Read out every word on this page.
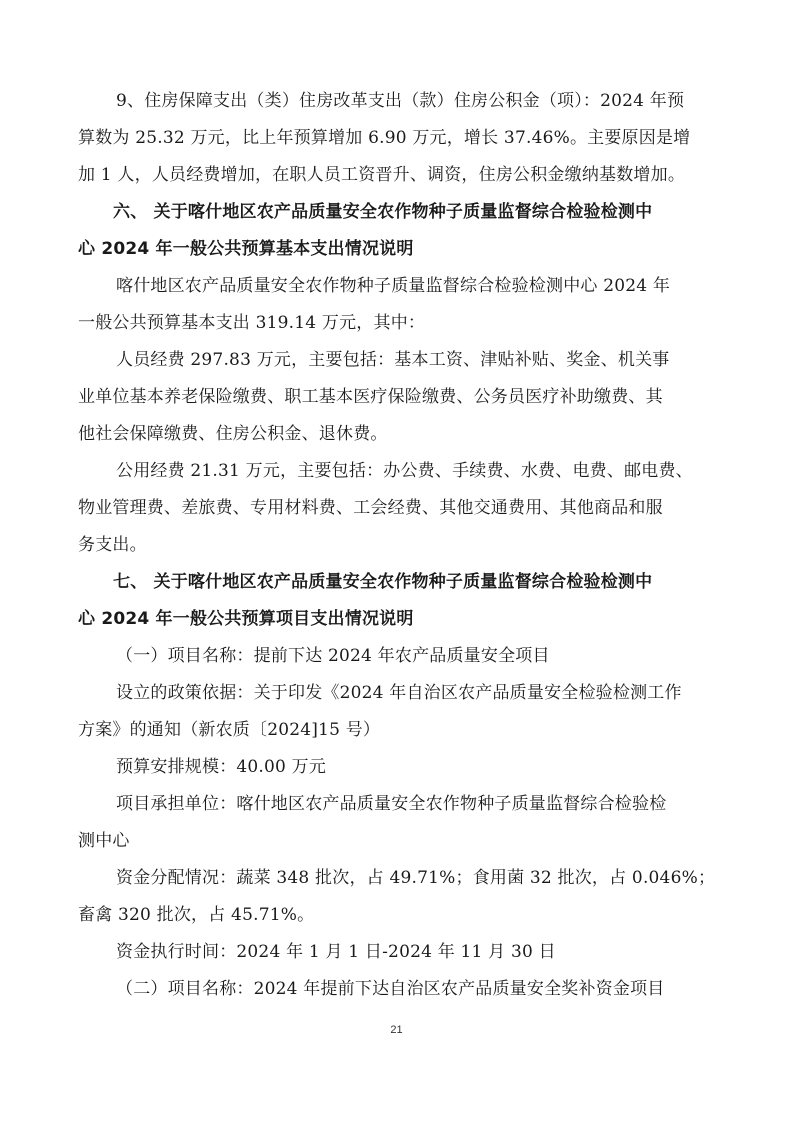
9、住房保障支出（类）住房改革支出（款）住房公积金（项）：2024 年预
算数为 25.32 万元，比上年预算增加 6.90 万元，增长 37.46%。主要原因是增
加 1 人，人员经费增加，在职人员工资晋升、调资，住房公积金缴纳基数增加。
六、 关于喀什地区农产品质量安全农作物种子质量监督综合检验检测中
心 2024 年一般公共预算基本支出情况说明
喀什地区农产品质量安全农作物种子质量监督综合检验检测中心 2024 年
一般公共预算基本支出 319.14 万元，其中：
人员经费 297.83 万元，主要包括：基本工资、津贴补贴、奖金、机关事
业单位基本养老保险缴费、职工基本医疗保险缴费、公务员医疗补助缴费、其
他社会保障缴费、住房公积金、退休费。
公用经费 21.31 万元，主要包括：办公费、手续费、水费、电费、邮电费、
物业管理费、差旅费、专用材料费、工会经费、其他交通费用、其他商品和服
务支出。
七、 关于喀什地区农产品质量安全农作物种子质量监督综合检验检测中
心 2024 年一般公共预算项目支出情况说明
（一）项目名称：提前下达 2024 年农产品质量安全项目
设立的政策依据：关于印发《2024 年自治区农产品质量安全检验检测工作
方案》的通知（新农质〔2024]15 号）
预算安排规模：40.00 万元
项目承担单位：喀什地区农产品质量安全农作物种子质量监督综合检验检
测中心
资金分配情况：蔬菜 348 批次，占 49.71%；食用菌 32 批次，占 0.046%；
畜禽 320 批次，占 45.71%。
资金执行时间：2024 年 1 月 1 日-2024 年 11 月 30 日
（二）项目名称：2024 年提前下达自治区农产品质量安全奖补资金项目
21
